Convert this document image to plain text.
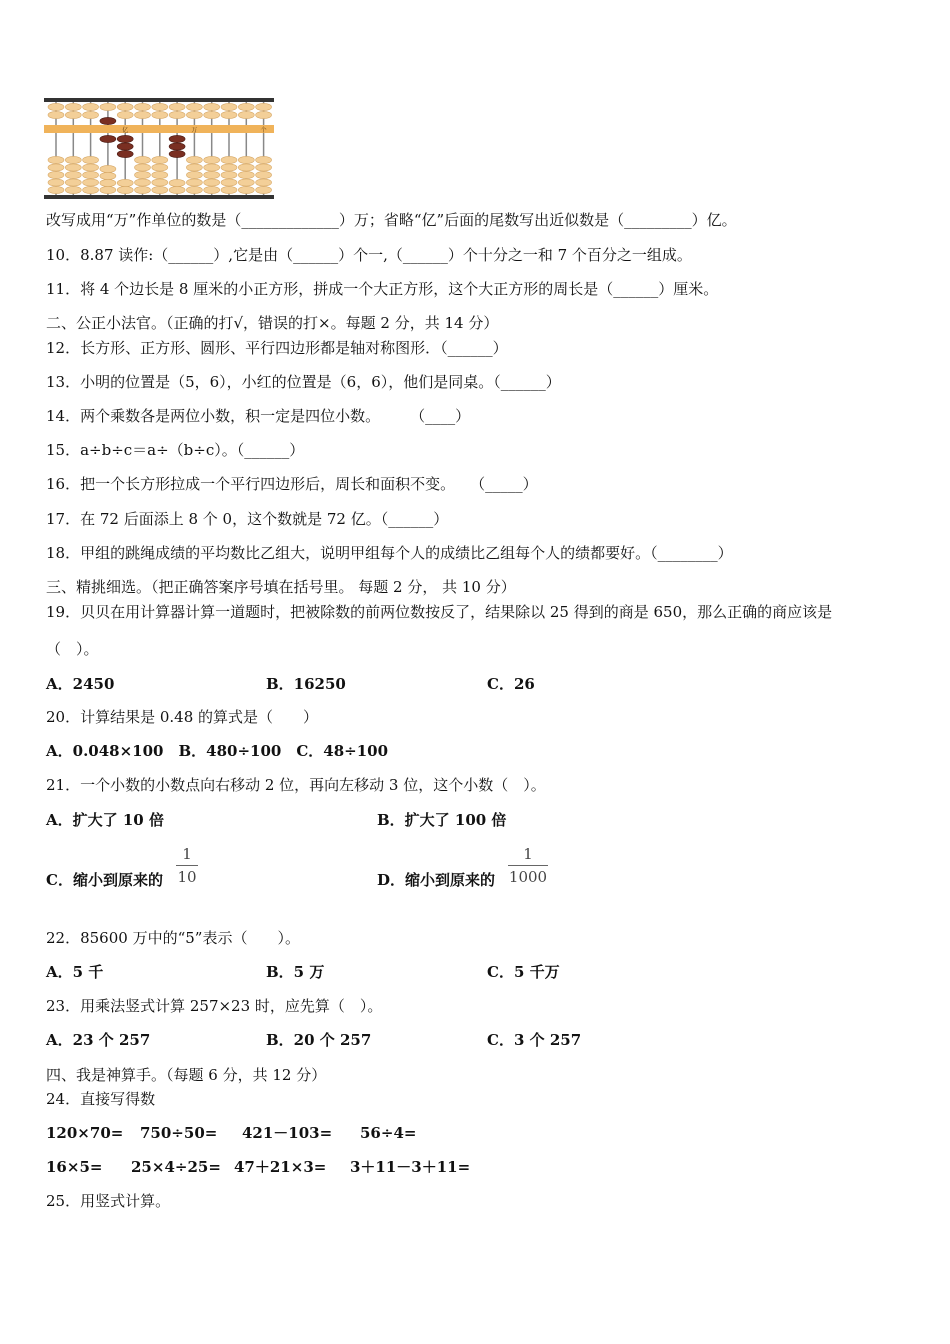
亿	万	个
改写成用“万”作单位的数是（_____________）万；省略“亿”后面的尾数写出近似数是（_________）亿。
10．8.87 读作:（______）,它是由（______）个一,（______）个十分之一和 7 个百分之一组成。
11．将 4 个边长是 8 厘米的小正方形，拼成一个大正方形，这个大正方形的周长是（______）厘米。
二、公正小法官。（正确的打√，错误的打×。每题 2 分，共 14 分）
12．长方形、正方形、圆形、平行四边形都是轴对称图形．（______）
13．小明的位置是（5，6），小红的位置是（6，6），他们是同桌。（______）
14．两个乘数各是两位小数，积一定是四位小数。　　　（____）
15．a÷b÷c＝a÷（b÷c）。（______）
16．把一个长方形拉成一个平行四边形后，周长和面积不变。　　（_____）
17．在 72 后面添上 8 个 0，这个数就是 72 亿。（______）
18．甲组的跳绳成绩的平均数比乙组大，说明甲组每个人的成绩比乙组每个人的绩都要好。（________）
三、精挑细选。（把正确答案序号填在括号里。 每题 2 分， 共 10 分）
19．贝贝在用计算器计算一道题时，把被除数的前两位数按反了，结果除以 25 得到的商是 650，那么正确的商应该是
（　）。
A．2450	B．16250	C．26
20．计算结果是 0.48 的算式是（　　）
A．0.048×100　B．480÷100　C．48÷100
21．一个小数的小数点向右移动 2 位，再向左移动 3 位，这个小数（　）。
A．扩大了 10 倍	B．扩大了 100 倍
C．缩小到原来的
1
10	D．缩小到原来的
1
1000
22．85600 万中的“5”表示（　　）。
A．5 千	B．5 万	C．5 千万
23．用乘法竖式计算 257×23 时，应先算（　）。
A．23 个 257	B．20 个 257	C．3 个 257
四、我是神算手。（每题 6 分，共 12 分）
24．直接写得数
120×70= 750÷50= 421－103= 56÷4=
16×5= 25×4÷25= 47＋21×3= 3＋11－3＋11=
25．用竖式计算。
